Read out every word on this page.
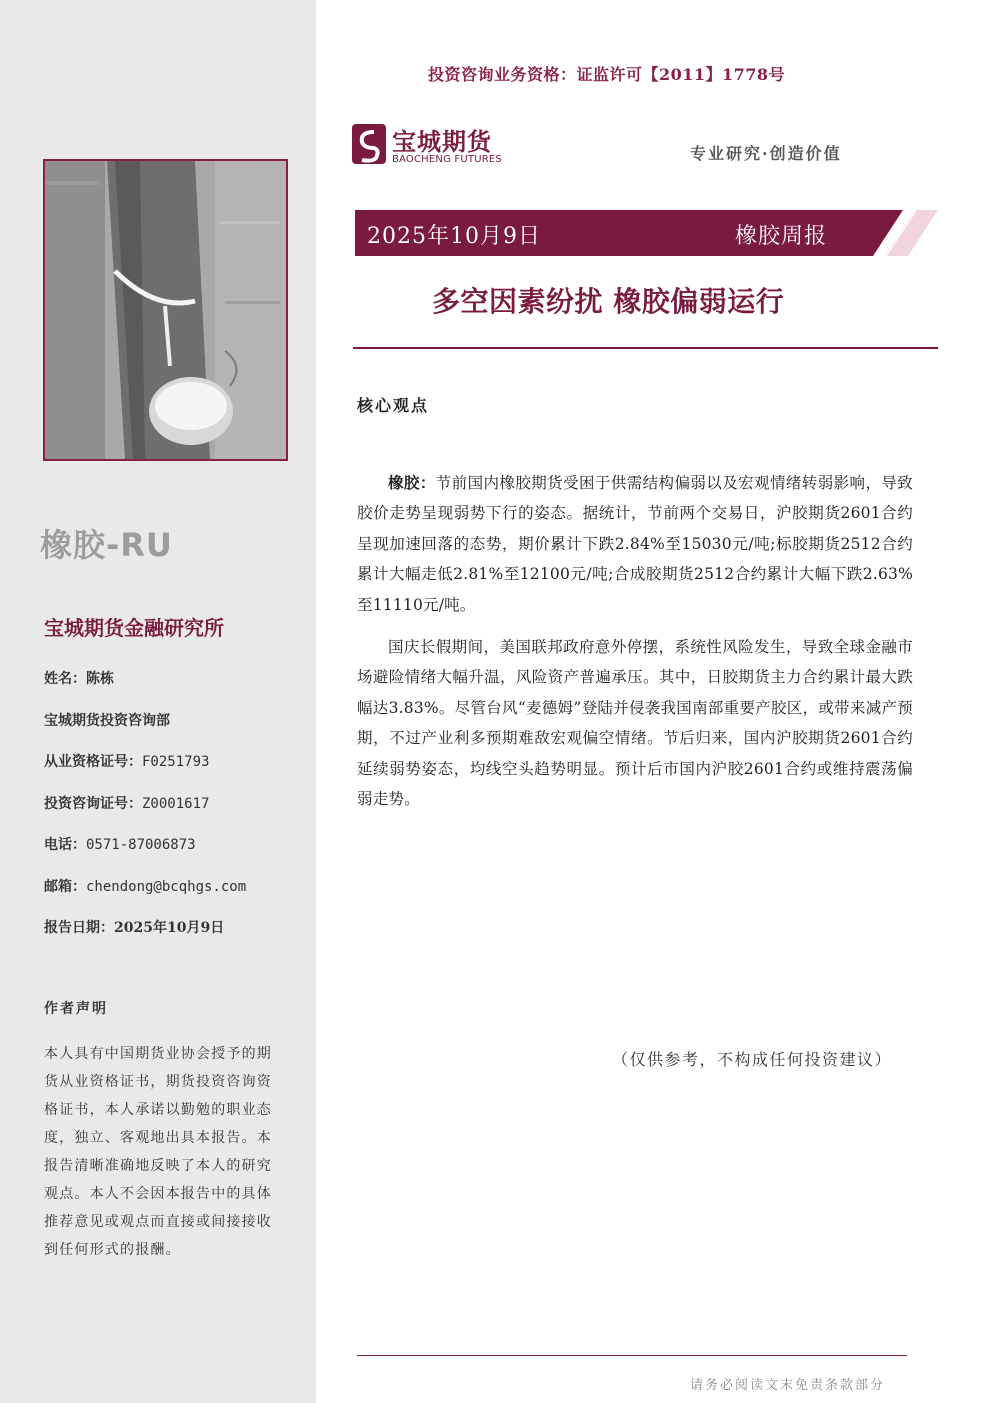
橡胶-RU
宝城期货金融研究所
姓名：陈栋
宝城期货投资咨询部
从业资格证号：F0251793
投资咨询证号：Z0001617
电话：0571-87006873
邮箱：chendong@bcqhgs.com
报告日期：2025年10月9日
作者声明
本人具有中国期货业协会授予的期货从业资格证书，期货投资咨询资格证书，本人承诺以勤勉的职业态度，独立、客观地出具本报告。本报告清晰准确地反映了本人的研究观点。本人不会因本报告中的具体推荐意见或观点而直接或间接接收到任何形式的报酬。
投资咨询业务资格：证监许可【2011】1778号
宝城期货
BAOCHENG FUTURES	专业研究·创造价值
2025年10月9日	橡胶周报
多空因素纷扰 橡胶偏弱运行
核心观点
橡胶：节前国内橡胶期货受困于供需结构偏弱以及宏观情绪转弱影响，导致胶价走势呈现弱势下行的姿态。据统计，节前两个交易日，沪胶期货2601合约呈现加速回落的态势，期价累计下跌2.84%至15030元/吨;标胶期货2512合约累计大幅走低2.81%至12100元/吨;合成胶期货2512合约累计大幅下跌2.63%至11110元/吨。
国庆长假期间，美国联邦政府意外停摆，系统性风险发生，导致全球金融市场避险情绪大幅升温，风险资产普遍承压。其中，日胶期货主力合约累计最大跌幅达3.83%。尽管台风“麦德姆”登陆并侵袭我国南部重要产胶区，或带来减产预期，不过产业利多预期难敌宏观偏空情绪。节后归来，国内沪胶期货2601合约延续弱势姿态，均线空头趋势明显。预计后市国内沪胶2601合约或维持震荡偏弱走势。
（仅供参考，不构成任何投资建议）
请务必阅读文末免责条款部分
